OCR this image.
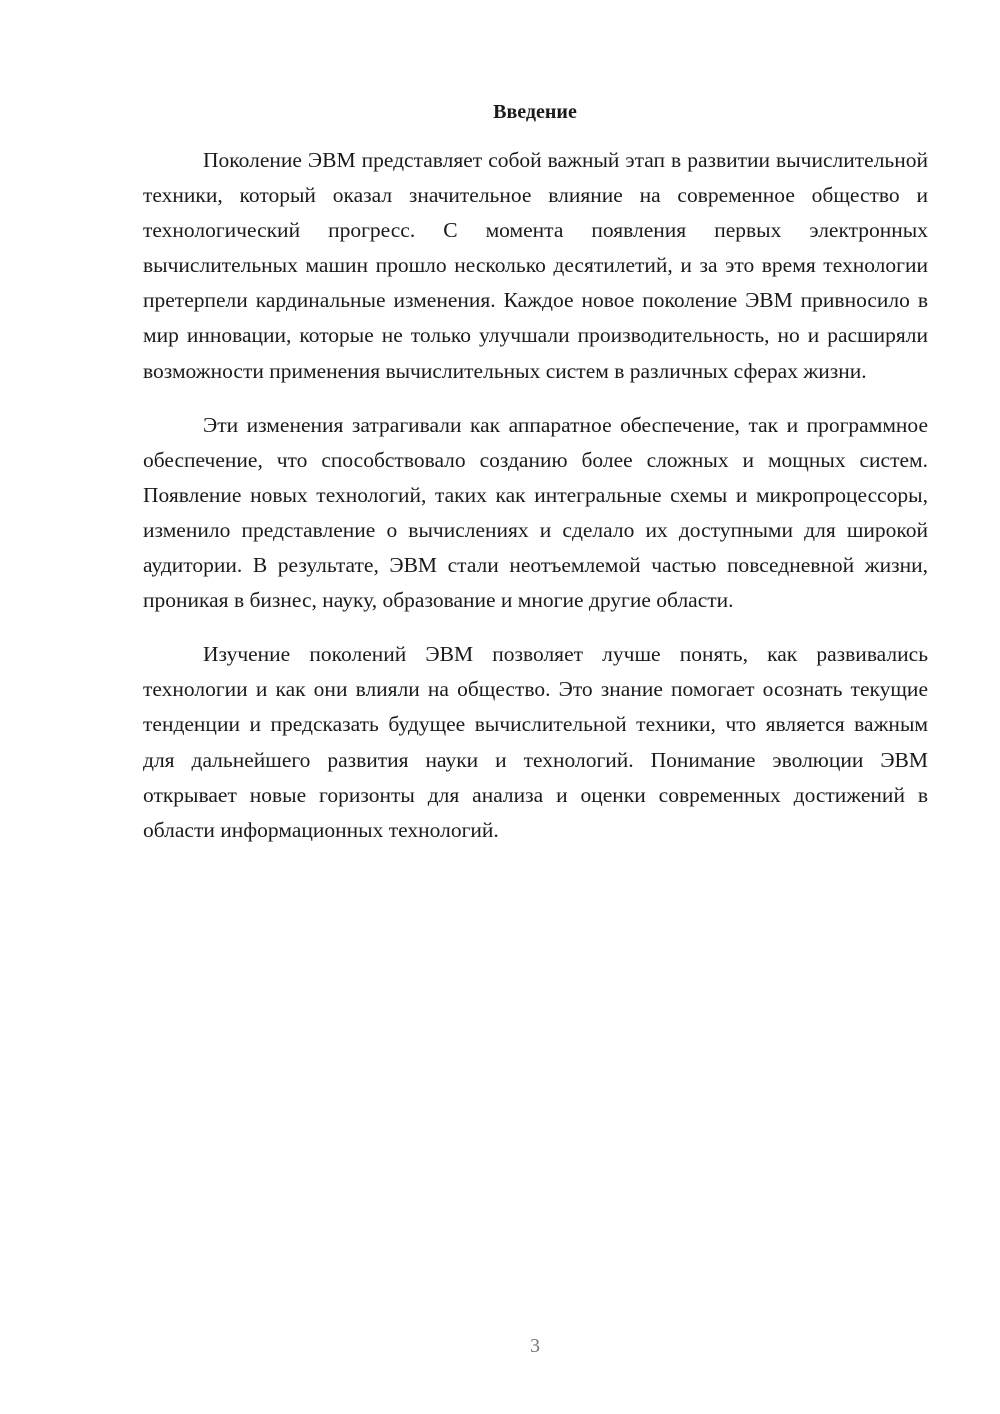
Введение

Поколение ЭВМ представляет собой важный этап в развитии вычислительной техники, который оказал значительное влияние на современное общество и технологический прогресс. С момента появления первых электронных вычислительных машин прошло несколько десятилетий, и за это время технологии претерпели кардинальные изменения. Каждое новое поколение ЭВМ привносило в мир инновации, которые не только улучшали производительность, но и расширяли возможности применения вычислительных систем в различных сферах жизни.

Эти изменения затрагивали как аппаратное обеспечение, так и программное обеспечение, что способствовало созданию более сложных и мощных систем. Появление новых технологий, таких как интегральные схемы и микропроцессоры, изменило представление о вычислениях и сделало их доступными для широкой аудитории. В результате, ЭВМ стали неотъемлемой частью повседневной жизни, проникая в бизнес, науку, образование и многие другие области.

Изучение поколений ЭВМ позволяет лучше понять, как развивались технологии и как они влияли на общество. Это знание помогает осознать текущие тенденции и предсказать будущее вычислительной техники, что является важным для дальнейшего развития науки и технологий. Понимание эволюции ЭВМ открывает новые горизонты для анализа и оценки современных достижений в области информационных технологий.

3
